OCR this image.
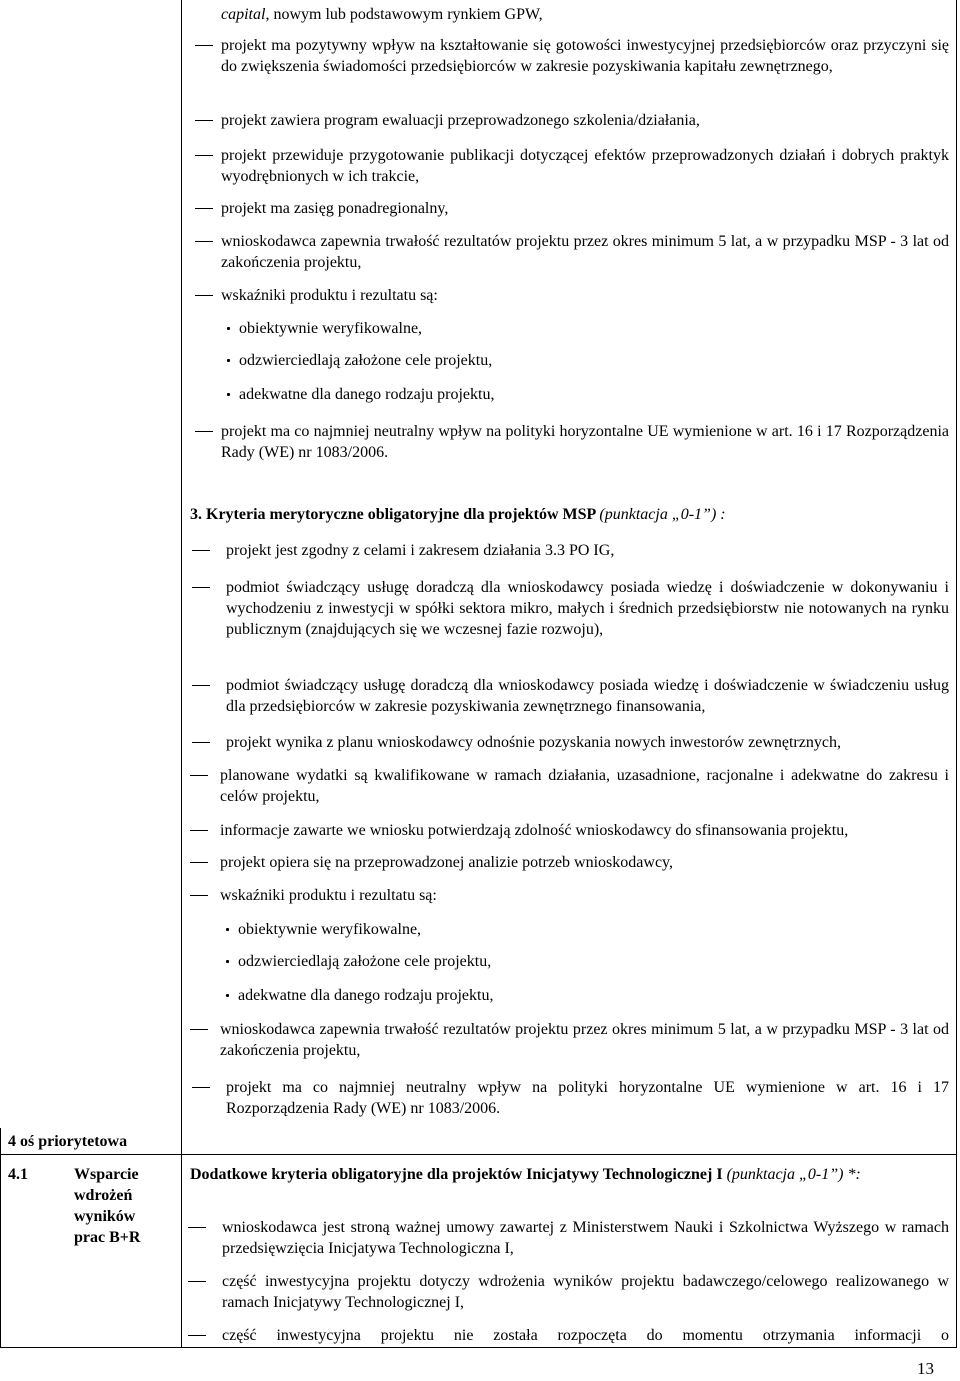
capital, nowym lub podstawowym rynkiem GPW,
projekt ma pozytywny wpływ na kształtowanie się gotowości inwestycyjnej przedsiębiorców oraz przyczyni się do zwiększenia świadomości przedsiębiorców w zakresie pozyskiwania kapitału zewnętrznego,
projekt zawiera program ewaluacji przeprowadzonego szkolenia/działania,
projekt przewiduje przygotowanie publikacji dotyczącej efektów przeprowadzonych działań i dobrych praktyk wyodrębnionych w ich trakcie,
projekt ma zasięg ponadregionalny,
wnioskodawca zapewnia trwałość rezultatów projektu przez okres minimum 5 lat, a w przypadku MSP - 3 lat od zakończenia projektu,
wskaźniki produktu i rezultatu są:
obiektywnie weryfikowalne,
odzwierciedlają założone cele projektu,
adekwatne dla danego rodzaju projektu,
projekt ma co najmniej neutralny wpływ na polityki horyzontalne UE wymienione w art. 16 i 17 Rozporządzenia Rady (WE) nr 1083/2006.
3. Kryteria merytoryczne obligatoryjne dla projektów MSP (punktacja „0-1”) :
projekt jest zgodny z celami i zakresem działania 3.3 PO IG,
podmiot świadczący usługę doradczą dla wnioskodawcy posiada wiedzę i doświadczenie w dokonywaniu i wychodzeniu z inwestycji w spółki sektora mikro, małych i średnich przedsiębiorstw nie notowanych na rynku publicznym (znajdujących się we wczesnej fazie rozwoju),
podmiot świadczący usługę doradczą dla wnioskodawcy posiada wiedzę i doświadczenie w świadczeniu usług dla przedsiębiorców w zakresie pozyskiwania zewnętrznego finansowania,
projekt wynika z planu wnioskodawcy odnośnie pozyskania nowych inwestorów zewnętrznych,
planowane wydatki są kwalifikowane w ramach działania, uzasadnione, racjonalne i adekwatne do zakresu i celów projektu,
informacje zawarte we wniosku potwierdzają zdolność wnioskodawcy do sfinansowania projektu,
projekt opiera się na przeprowadzonej analizie potrzeb wnioskodawcy,
wskaźniki produktu i rezultatu są:
obiektywnie weryfikowalne,
odzwierciedlają założone cele projektu,
adekwatne dla danego rodzaju projektu,
wnioskodawca zapewnia trwałość rezultatów projektu przez okres minimum 5 lat, a w przypadku MSP - 3 lat od zakończenia projektu,
projekt ma co najmniej neutralny wpływ na polityki horyzontalne UE wymienione w art. 16 i 17 Rozporządzenia Rady (WE) nr 1083/2006.
4 oś priorytetowa
4.1	Wsparcie wdrożeń wyników prac B+R
Dodatkowe kryteria obligatoryjne dla projektów Inicjatywy Technologicznej I (punktacja „0-1”) *:
wnioskodawca jest stroną ważnej umowy zawartej z Ministerstwem Nauki i Szkolnictwa Wyższego w ramach przedsięwzięcia Inicjatywa Technologiczna I,
część inwestycyjna projektu dotyczy wdrożenia wyników projektu badawczego/celowego realizowanego w ramach Inicjatywy Technologicznej I,
część inwestycyjna projektu nie została rozpoczęta do momentu otrzymania informacji o
13
